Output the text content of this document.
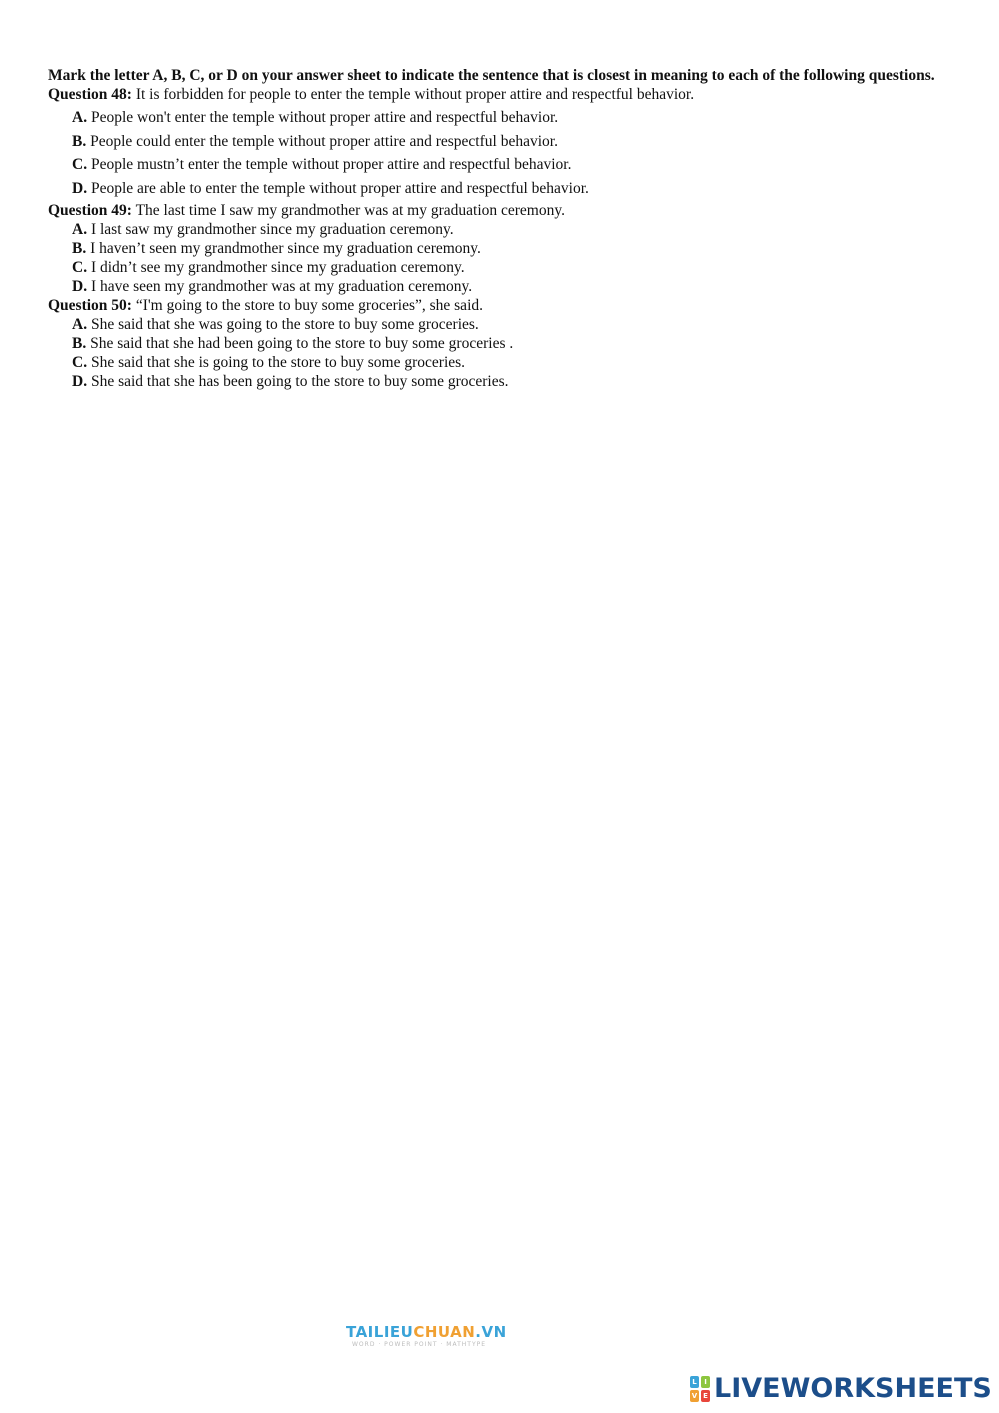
Mark the letter A, B, C, or D on your answer sheet to indicate the sentence that is closest in meaning to each of the following questions.

Question 48: It is forbidden for people to enter the temple without proper attire and respectful behavior.

A. People won't enter the temple without proper attire and respectful behavior.
B. People could enter the temple without proper attire and respectful behavior.
C. People mustn’t enter the temple without proper attire and respectful behavior.
D. People are able to enter the temple without proper attire and respectful behavior.

Question 49: The last time I saw my grandmother was at my graduation ceremony.

A. I last saw my grandmother since my graduation ceremony.
B. I haven’t seen my grandmother since my graduation ceremony.
C. I didn’t see my grandmother since my graduation ceremony.
D. I have seen my grandmother was at my graduation ceremony.

Question 50: “I'm going to the store to buy some groceries”, she said.

A. She said that she was going to the store to buy some groceries.
B. She said that she had been going to the store to buy some groceries .
C. She said that she is going to the store to buy some groceries.
D. She said that she has been going to the store to buy some groceries.
TAILIEUCHUAN.VN
WORD · POWER POINT · MATHTYPE
L	I
V E LIVEWORKSHEETS
